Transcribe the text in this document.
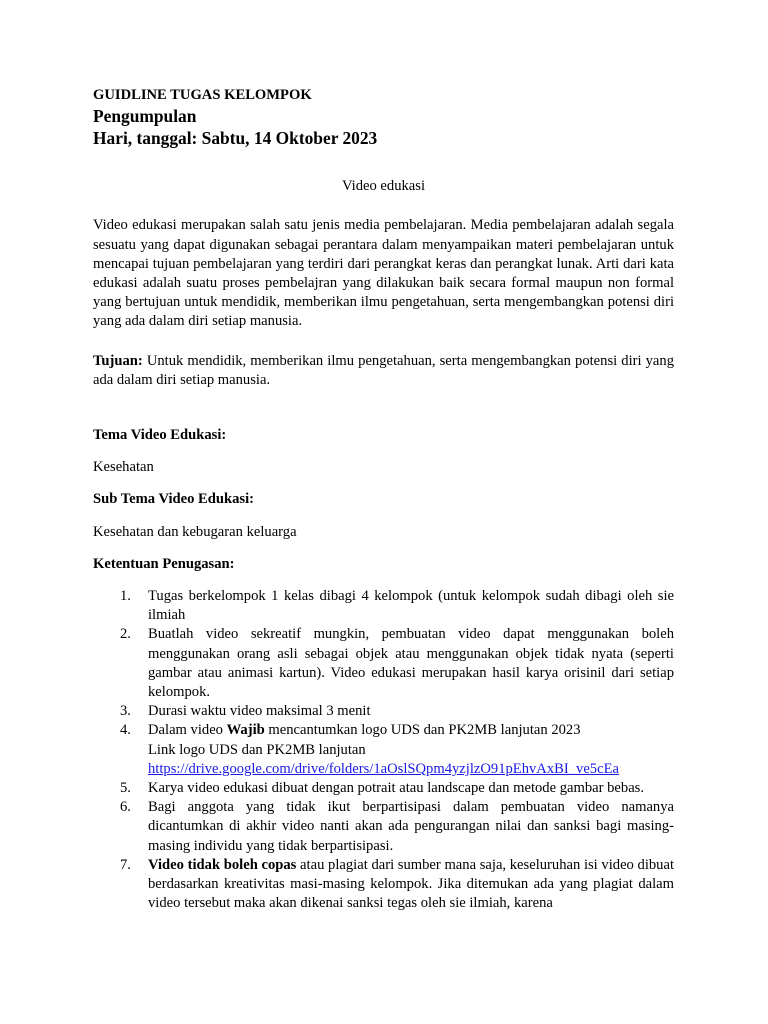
GUIDLINE TUGAS KELOMPOK
Pengumpulan
Hari, tanggal: Sabtu, 14 Oktober 2023
Video edukasi

Video edukasi merupakan salah satu jenis media pembelajaran. Media pembelajaran adalah segala sesuatu yang dapat digunakan sebagai perantara dalam menyampaikan materi pembelajaran untuk mencapai tujuan pembelajaran yang terdiri dari perangkat keras dan perangkat lunak. Arti dari kata edukasi adalah suatu proses pembelajran yang dilakukan baik secara formal maupun non formal yang bertujuan untuk mendidik, memberikan ilmu pengetahuan, serta mengembangkan potensi diri yang ada dalam diri setiap manusia.

Tujuan: Untuk mendidik, memberikan ilmu pengetahuan, serta mengembangkan potensi diri yang ada dalam diri setiap manusia.

Tema Video Edukasi:
Kesehatan
Sub Tema Video Edukasi:
Kesehatan dan kebugaran keluarga
Ketentuan Penugasan:
1. Tugas berkelompok 1 kelas dibagi 4 kelompok (untuk kelompok sudah dibagi oleh sie ilmiah
2. Buatlah video sekreatif mungkin, pembuatan video dapat menggunakan boleh menggunakan orang asli sebagai objek atau menggunakan objek tidak nyata (seperti gambar atau animasi kartun). Video edukasi merupakan hasil karya orisinil dari setiap kelompok.
3. Durasi waktu video maksimal 3 menit
4. Dalam video Wajib mencantumkan logo UDS dan PK2MB lanjutan 2023
Link logo UDS dan PK2MB lanjutan
https://drive.google.com/drive/folders/1aOslSQpm4yzjlzO91pEhvAxBI_ve5cEa
5. Karya video edukasi dibuat dengan potrait atau landscape dan metode gambar bebas.
6. Bagi anggota yang tidak ikut berpartisipasi dalam pembuatan video namanya dicantumkan di akhir video nanti akan ada pengurangan nilai dan sanksi bagi masing-masing individu yang tidak berpartisipasi.
7. Video tidak boleh copas atau plagiat dari sumber mana saja, keseluruhan isi video dibuat berdasarkan kreativitas masi-masing kelompok. Jika ditemukan ada yang plagiat dalam video tersebut maka akan dikenai sanksi tegas oleh sie ilmiah, karena
